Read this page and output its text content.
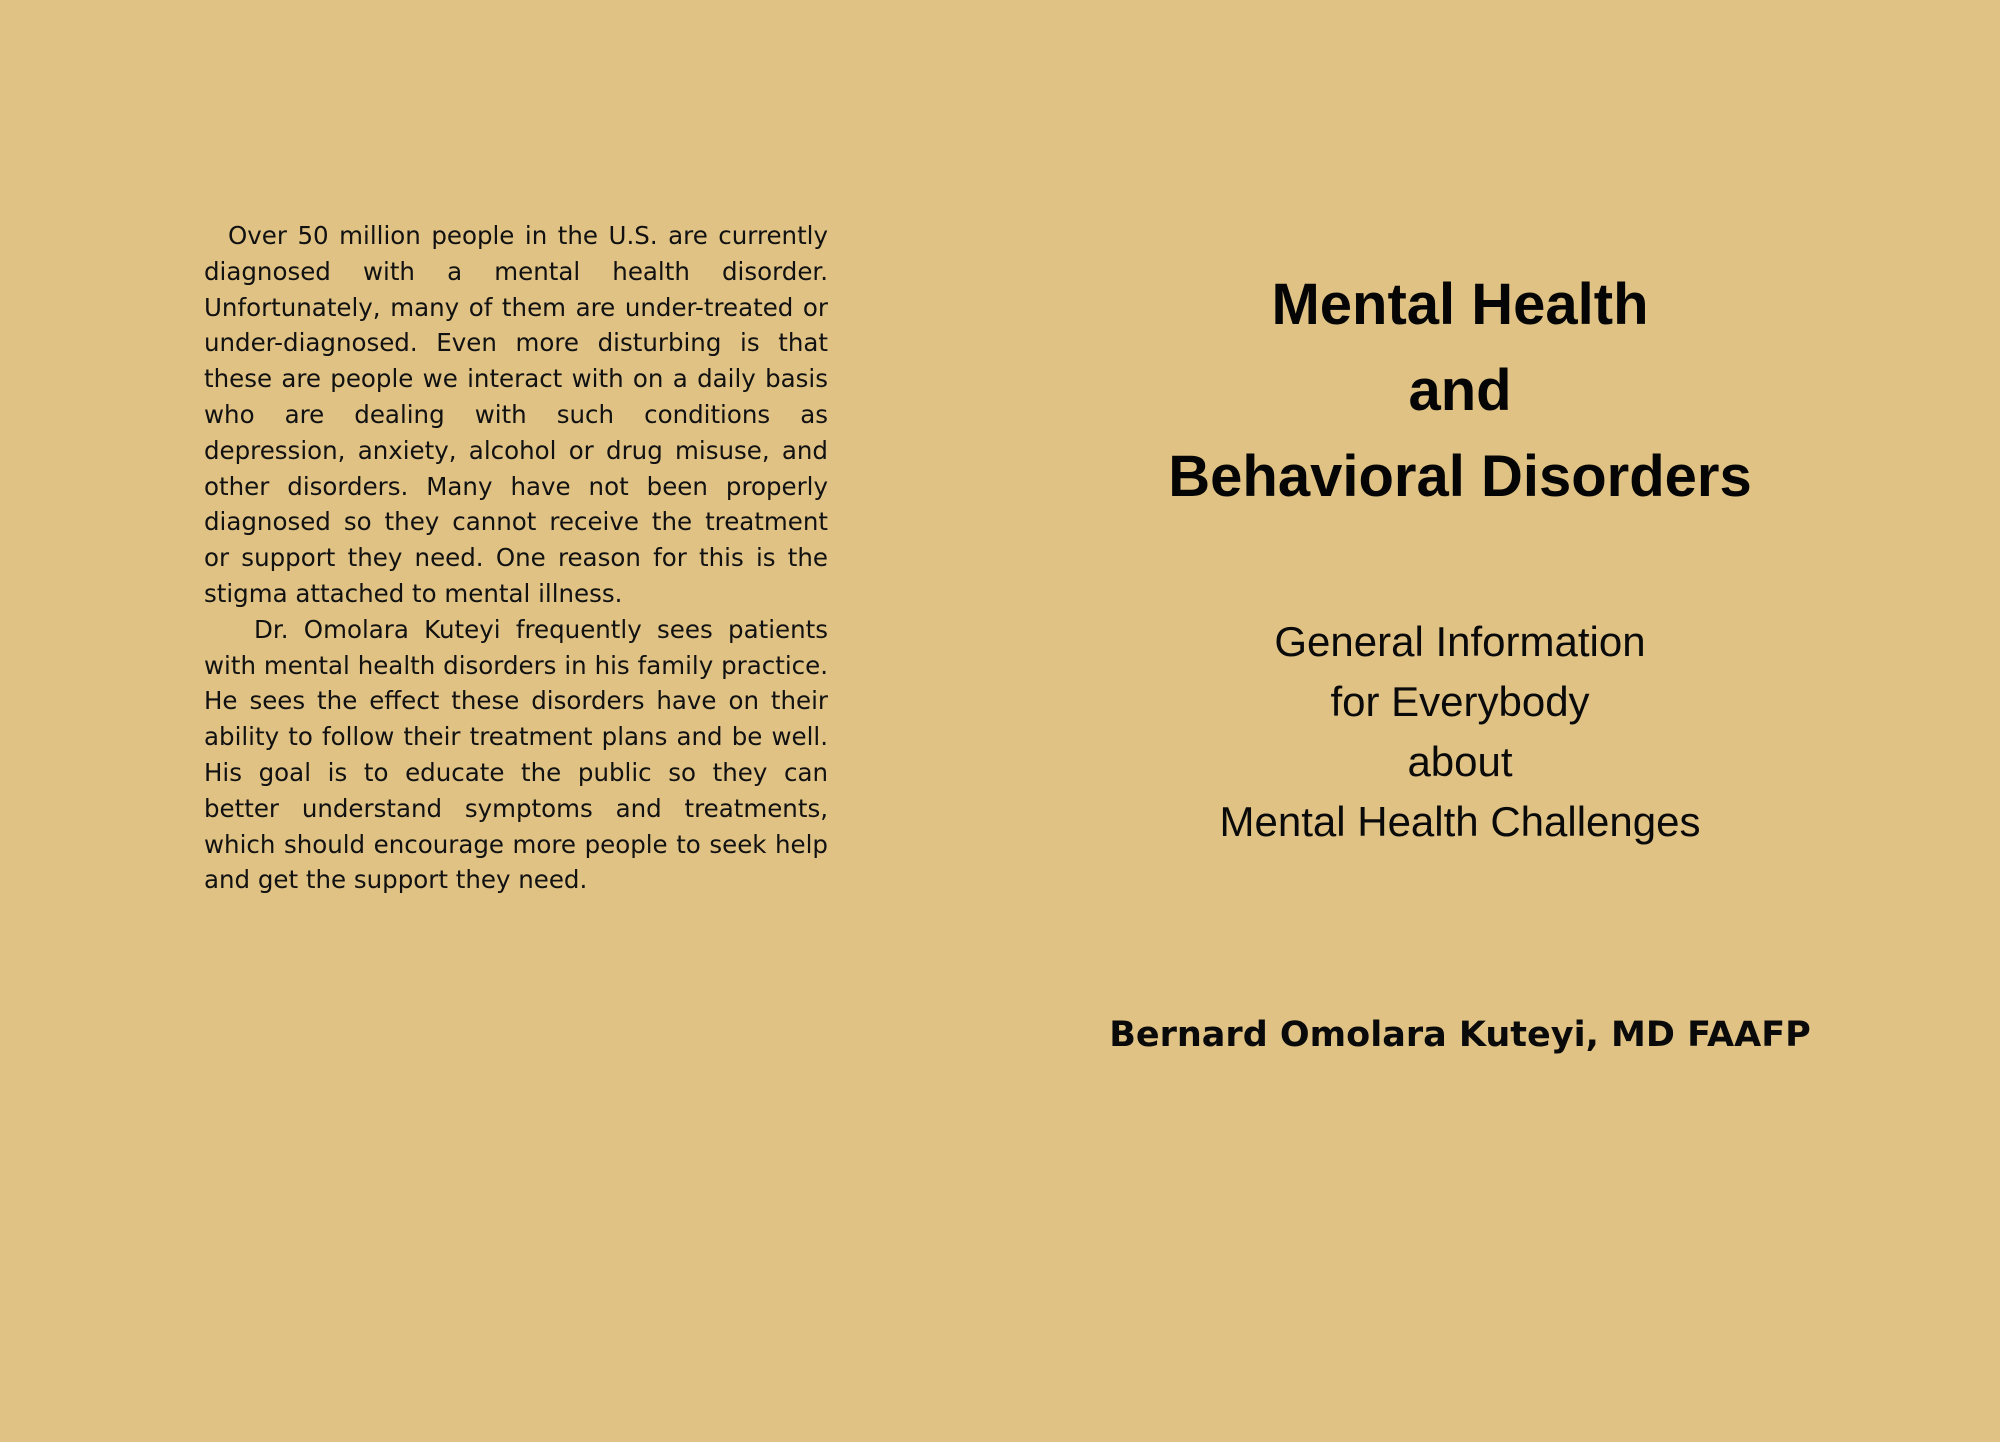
Over 50 million people in the U.S. are currently diagnosed with a mental health disorder. Unfortunately, many of them are under-treated or under-diagnosed. Even more disturbing is that these are people we interact with on a daily basis who are dealing with such conditions as depression, anxiety, alcohol or drug misuse, and other disorders. Many have not been properly diagnosed so they cannot receive the treatment or support they need. One reason for this is the stigma attached to mental illness.

Dr. Omolara Kuteyi frequently sees patients with mental health disorders in his family practice. He sees the effect these disorders have on their ability to follow their treatment plans and be well. His goal is to educate the public so they can better understand symptoms and treatments, which should encourage more people to seek help and get the support they need.

Mental Health
and
Behavioral Disorders
General Information
for Everybody
about
Mental Health Challenges
Bernard Omolara Kuteyi, MD FAAFP
